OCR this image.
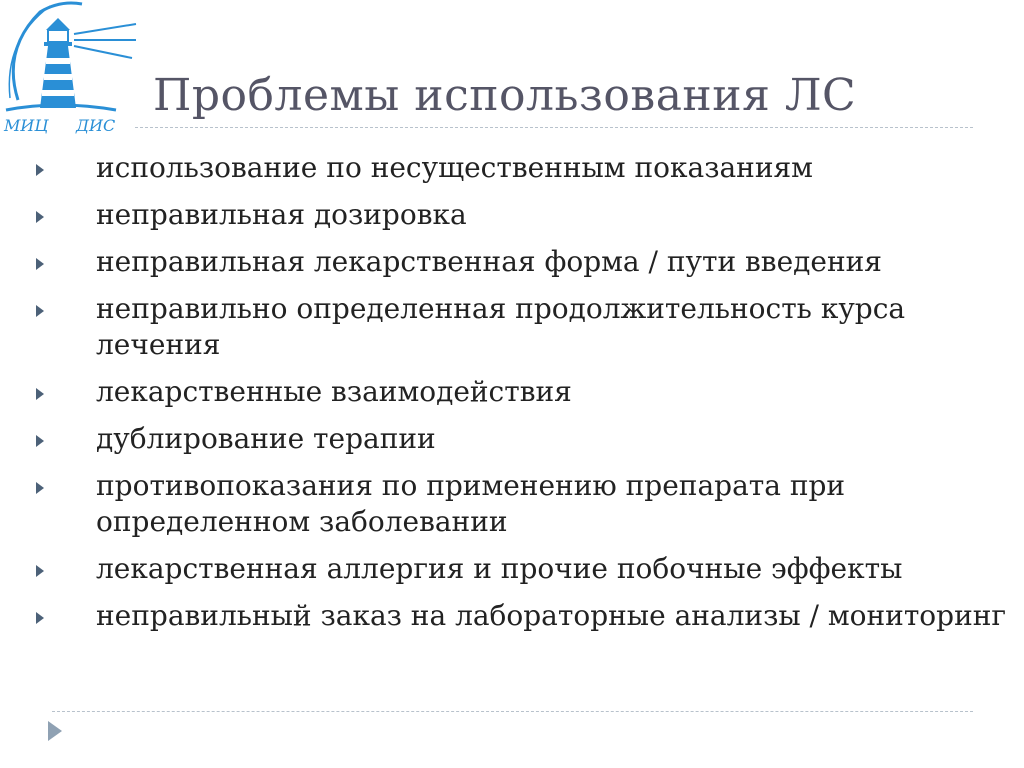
МИЦ ДИС
Проблемы использования ЛС
использование по несущественным показаниям
неправильная дозировка
неправильная лекарственная форма / пути введения
неправильно определенная продолжительность курса лечения
лекарственные взаимодействия
дублирование терапии
противопоказания по применению препарата при определенном заболевании
лекарственная аллергия и прочие побочные эффекты
неправильный заказ на лабораторные анализы / мониторинг
